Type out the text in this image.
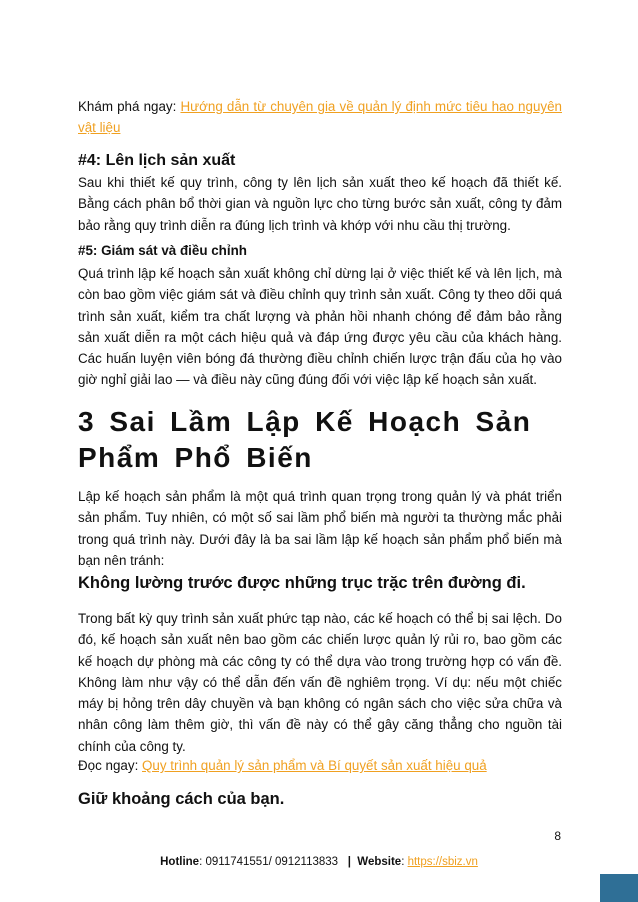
Khám phá ngay: Hướng dẫn từ chuyên gia về quản lý định mức tiêu hao nguyên vật liệu

#4: Lên lịch sản xuất

Sau khi thiết kế quy trình, công ty lên lịch sản xuất theo kế hoạch đã thiết kế. Bằng cách phân bổ thời gian và nguồn lực cho từng bước sản xuất, công ty đảm bảo rằng quy trình diễn ra đúng lịch trình và khớp với nhu cầu thị trường.

#5: Giám sát và điều chỉnh

Quá trình lập kế hoạch sản xuất không chỉ dừng lại ở việc thiết kế và lên lịch, mà còn bao gồm việc giám sát và điều chỉnh quy trình sản xuất. Công ty theo dõi quá trình sản xuất, kiểm tra chất lượng và phản hồi nhanh chóng để đảm bảo rằng sản xuất diễn ra một cách hiệu quả và đáp ứng được yêu cầu của khách hàng. Các huấn luyện viên bóng đá thường điều chỉnh chiến lược trận đấu của họ vào giờ nghỉ giải lao — và điều này cũng đúng đối với việc lập kế hoạch sản xuất.

3 Sai Lầm Lập Kế Hoạch Sản Phẩm Phổ Biến

Lập kế hoạch sản phẩm là một quá trình quan trọng trong quản lý và phát triển sản phẩm. Tuy nhiên, có một số sai lầm phổ biến mà người ta thường mắc phải trong quá trình này. Dưới đây là ba sai lầm lập kế hoạch sản phẩm phổ biến mà bạn nên tránh:

Không lường trước được những trục trặc trên đường đi.

Trong bất kỳ quy trình sản xuất phức tạp nào, các kế hoạch có thể bị sai lệch. Do đó, kế hoạch sản xuất nên bao gồm các chiến lược quản lý rủi ro, bao gồm các kế hoạch dự phòng mà các công ty có thể dựa vào trong trường hợp có vấn đề. Không làm như vậy có thể dẫn đến vấn đề nghiêm trọng. Ví dụ: nếu một chiếc máy bị hỏng trên dây chuyền và bạn không có ngân sách cho việc sửa chữa và nhân công làm thêm giờ, thì vấn đề này có thể gây căng thẳng cho nguồn tài chính của công ty.

Đọc ngay: Quy trình quản lý sản phẩm và Bí quyết sản xuất hiệu quả

Giữ khoảng cách của bạn.
8
Hotline: 0911741551/ 0912113833 | Website: https://sbiz.vn
